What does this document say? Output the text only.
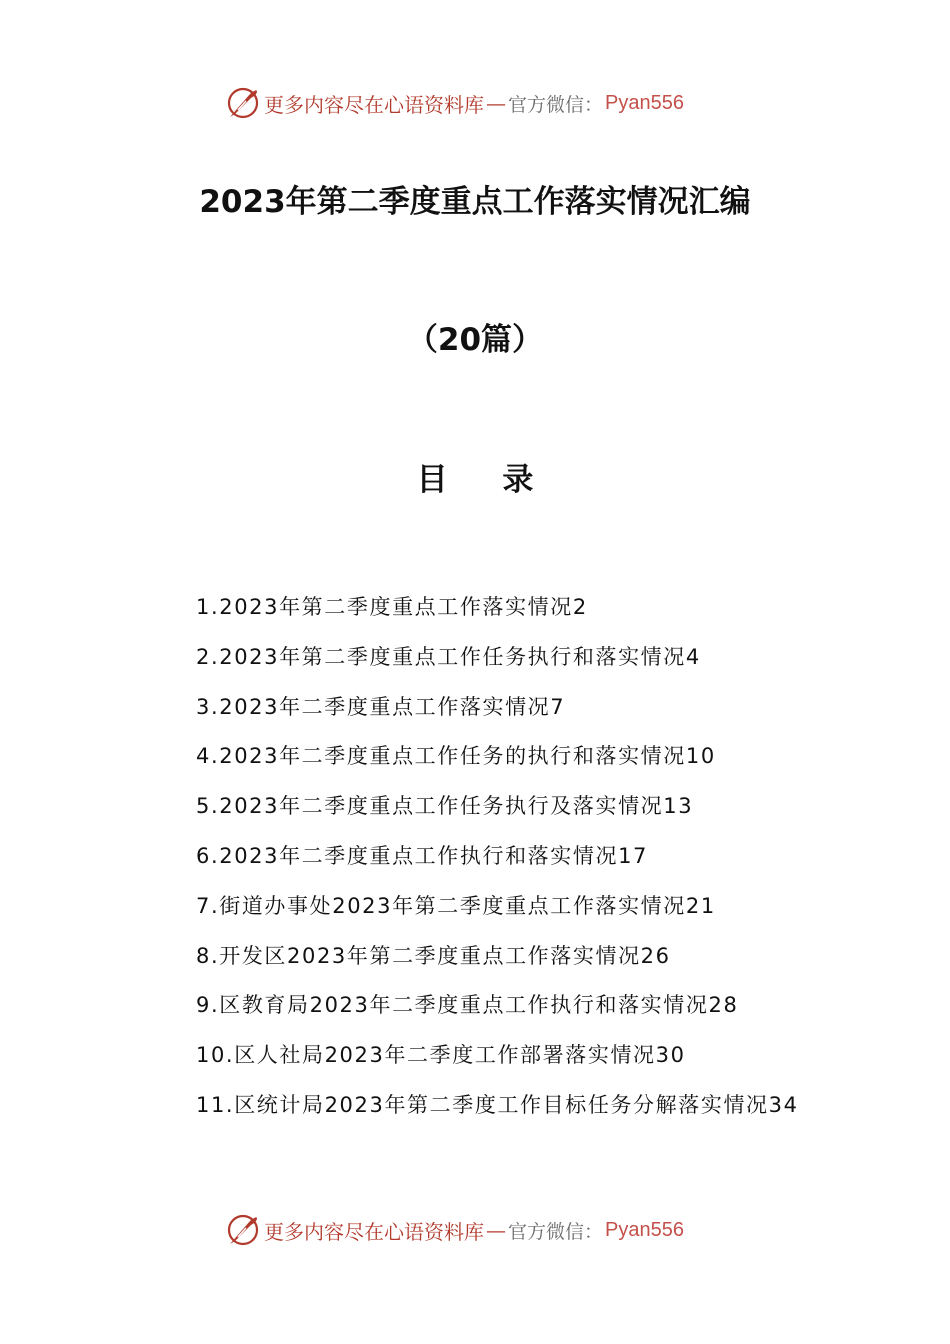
更多内容尽在心语资料库 — 官方微信： Pyan556
2023年第二季度重点工作落实情况汇编
（20篇）
目 录
1.2023年第二季度重点工作落实情况2
2.2023年第二季度重点工作任务执行和落实情况4
3.2023年二季度重点工作落实情况7
4.2023年二季度重点工作任务的执行和落实情况10
5.2023年二季度重点工作任务执行及落实情况13
6.2023年二季度重点工作执行和落实情况17
7.街道办事处2023年第二季度重点工作落实情况21
8.开发区2023年第二季度重点工作落实情况26
9.区教育局2023年二季度重点工作执行和落实情况28
10.区人社局2023年二季度工作部署落实情况30
11.区统计局2023年第二季度工作目标任务分解落实情况34
更多内容尽在心语资料库 — 官方微信： Pyan556
